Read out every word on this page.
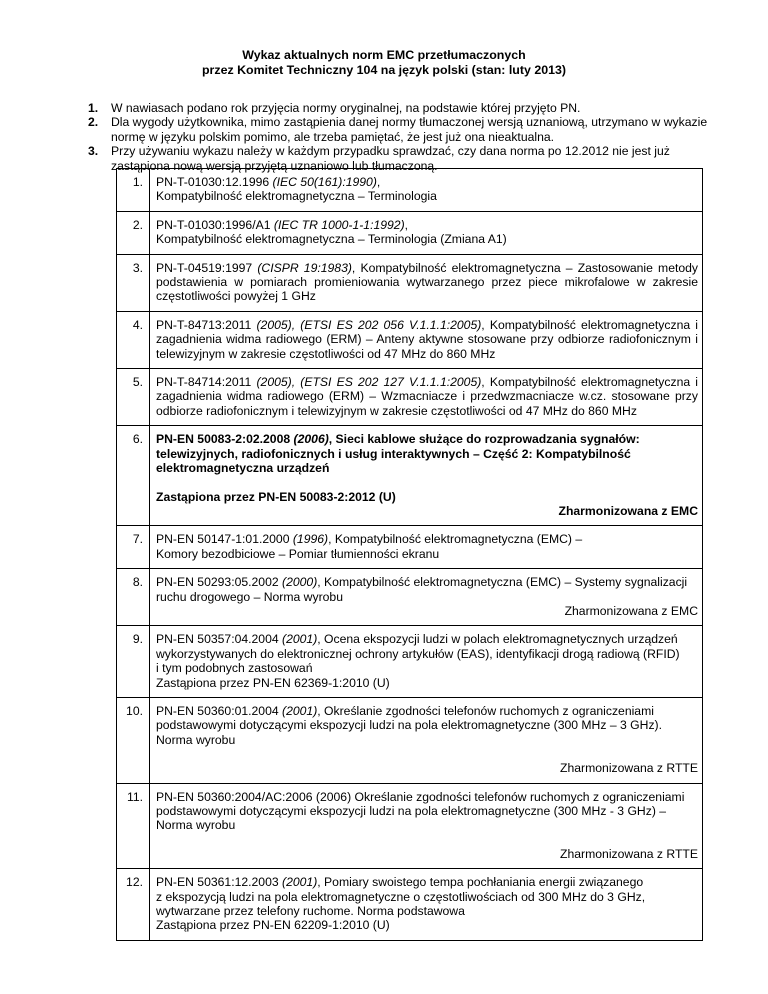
Wykaz aktualnych norm EMC przetłumaczonych
przez Komitet Techniczny 104 na język polski (stan: luty 2013)
1. W nawiasach podano rok przyjęcia normy oryginalnej, na podstawie której przyjęto PN.
2. Dla wygody użytkownika, mimo zastąpienia danej normy tłumaczonej wersją uznaniową, utrzymano w wykazie normę w języku polskim pomimo, ale trzeba pamiętać, że jest już ona nieaktualna.
3. Przy używaniu wykazu należy w każdym przypadku sprawdzać, czy dana norma po 12.2012 nie jest już zastąpiona nową wersją przyjętą uznaniowo lub tłumaczoną.
1.	PN-T-01030:12.1996 (IEC 50(161):1990),
Kompatybilność elektromagnetyczna – Terminologia

2.	PN-T-01030:1996/A1 (IEC TR 1000-1-1:1992),
Kompatybilność elektromagnetyczna – Terminologia (Zmiana A1)

3.	PN-T-04519:1997 (CISPR 19:1983), Kompatybilność elektromagnetyczna – Zastosowanie metody podstawienia w pomiarach promieniowania wytwarzanego przez piece mikrofalowe w zakresie częstotliwości powyżej 1 GHz
4.	PN-T-84713:2011 (2005), (ETSI ES 202 056 V.1.1.1:2005), Kompatybilność elektromagnetyczna i zagadnienia widma radiowego (ERM) – Anteny aktywne stosowane przy odbiorze radiofonicznym i telewizyjnym w zakresie częstotliwości od 47 MHz do 860 MHz
5.	PN-T-84714:2011 (2005), (ETSI ES 202 127 V.1.1.1:2005), Kompatybilność elektromagnetyczna i zagadnienia widma radiowego (ERM) – Wzmacniacze i przedwzmacniacze w.cz. stosowane przy odbiorze radiofonicznym i telewizyjnym w zakresie częstotliwości od 47 MHz do 860 MHz
6.	PN-EN 50083-2:02.2008 (2006), Sieci kablowe służące do rozprowadzania sygnałów: telewizyjnych, radiofonicznych i usług interaktywnych – Część 2: Kompatybilność elektromagnetyczna urządzeń
Zastąpiona przez PN-EN 50083-2:2012 (U)
Zharmonizowana z EMC

7.	PN-EN 50147-1:01.2000 (1996), Kompatybilność elektromagnetyczna (EMC) –
Komory bezodbiciowe – Pomiar tłumienności ekranu

8.	PN-EN 50293:05.2002 (2000), Kompatybilność elektromagnetyczna (EMC) – Systemy sygnalizacji
ruchu drogowego – Norma wyrobu
Zharmonizowana z EMC

9.	PN-EN 50357:04.2004 (2001), Ocena ekspozycji ludzi w polach elektromagnetycznych urządzeń
wykorzystywanych do elektronicznej ochrony artykułów (EAS), identyfikacji drogą radiową (RFID)
i tym podobnych zastosowań
Zastąpiona przez PN-EN 62369-1:2010 (U)

10.	PN-EN 50360:01.2004 (2001), Określanie zgodności telefonów ruchomych z ograniczeniami
podstawowymi dotyczącymi ekspozycji ludzi na pola elektromagnetyczne (300 MHz – 3 GHz).
Norma wyrobu
Zharmonizowana z RTTE

11.	PN-EN 50360:2004/AC:2006 (2006) Określanie zgodności telefonów ruchomych z ograniczeniami
podstawowymi dotyczącymi ekspozycji ludzi na pola elektromagnetyczne (300 MHz - 3 GHz) –
Norma wyrobu
Zharmonizowana z RTTE

12.	PN-EN 50361:12.2003 (2001), Pomiary swoistego tempa pochłaniania energii związanego
z ekspozycją ludzi na pola elektromagnetyczne o częstotliwościach od 300 MHz do 3 GHz,
wytwarzane przez telefony ruchome. Norma podstawowa
Zastąpiona przez PN-EN 62209-1:2010 (U)
